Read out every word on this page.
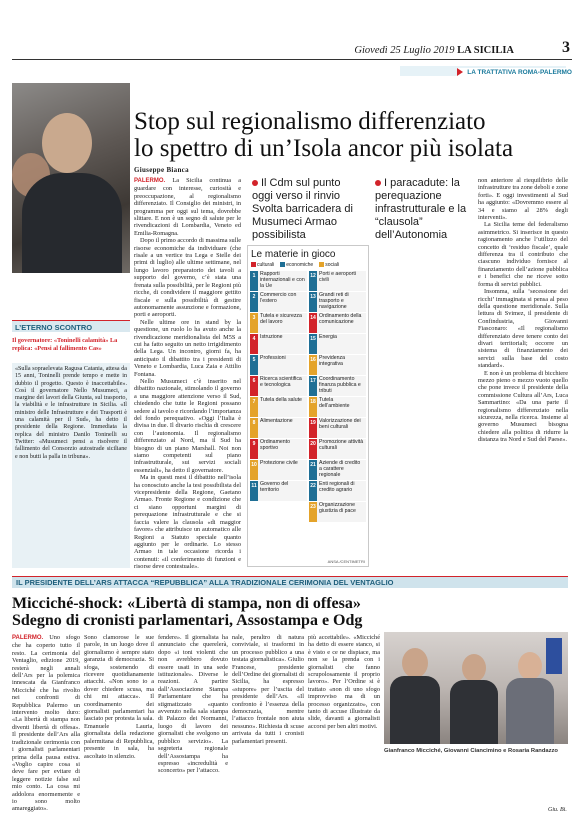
Giovedì 25 Luglio 2019 LA SICILIA	3
LA TRATTATIVA ROMA-PALERMO
Stop sul regionalismo differenziato
lo spettro di un’Isola ancor più isolata
Giuseppe Bianca

PALERMO. La Sicilia continua a guardare con interesse, curiosità e preoccupazione, al regionalismo differenziato. Il Consiglio dei ministri, in programma per oggi sul tema, dovrebbe slittare. E non è un segno di salute per le rivendicazioni di Lombardia, Veneto ed Emilia-Romagna.

Dopo il primo accordo di massima sulle risorse economiche da individuare (che risale a un vertice tra Lega e Stelle dei primi di luglio) alle ultime settimane, nel lungo lavoro preparatorio dei tavoli a supporto del governo, c’è stata una frenata sulla possibilità, per le Regioni più ricche, di condividere il maggiore gettito fiscale e sulla possibilità di gestire autonomamente assunzione e formazione, porti e aeroporti.

Nelle ultime ore in stand by la questione, un ruolo lo ha avuto anche la rivendicazione meridionalista del M5S a cui ha fatto seguito un netto irrigidimento della Lega. Un incontro, giorni fa, ha anticipato il dibattito tra i presidenti di Veneto e Lombardia, Luca Zaia e Attilio Fontana.

Nello Musumeci c’è inserito nel dibattito nazionale, stimolando il governo a una maggiore attenzione verso il Sud, chiedendo che tutte le Regioni possano sedere al tavolo e ricordando l’importanza del fondo perequativo. «Oggi l’Italia è divisa in due. Il divario rischia di crescere con l’autonomia. Il regionalismo differenziato al Nord, ma il Sud ha bisogno di un piano Marshall. Noi non siamo competenti sul piano infrastrutturale, sui servizi sociali essenziali», ha detto il governatore.

Ma in questi mesi il dibattito nell’isola ha conosciuto anche la tesi possibilista del vicepresidente della Regione, Gaetano Armao. Fronte Regione e condizione che ci siano opportuni margini di perequazione infrastrutturale e che si faccia valere la clausola «di maggior favore» che attribuisce un automatico alle Regioni a Statuto speciale quanto aggiunto per le ordinarie. Lo stesso Armao in tale occasione ricorda i contenuti: «il conferimento di funzioni e risorse deve contestuale».

Il Cdm sul punto oggi verso il rinvio Svolta barricadera di Musumeci Armao possibilista
I paracadute: la perequazione infrastrutturale e la “clausola” dell’Autonomia
Le materie in gioco
culturali	economiche	sociali
1 Rapporti internazionali e con la Ue
2 Commercio con l’estero
3 Tutela e sicurezza del lavoro
4 Istruzione
5 Professioni
6 Ricerca scientifica e tecnologica
7 Tutela della salute
8 Alimentazione
9 Ordinamento sportivo
10 Protezione civile
11 Governo del territorio
12 Porti e aeroporti civili
13 Grandi reti di trasporto e navigazione
14 Ordinamento della comunicazione
15 Energia
16 Previdenza integrativa
17 Coordinamento finanza pubblica e tributi
18 Tutela dell’ambiente
19 Valorizzazione dei beni culturali
20 Promozione attività culturali
21 Aziende di credito a carattere regionale
22 Enti regionali di credito agrario
23 Organizzazione giustizia di pace
ANSA /CENTIMETRI

non anteriore al riequilibrio delle infrastrutture tra zone deboli e zone forti». E oggi investimenti al Sud ha aggiunto: «Dovremmo essere al 34 e siamo al 28% degli interventi».

La Sicilia teme del federalismo asimmetrico. Si inserisce in questo ragionamento anche l’utilizzo del concetto di ‘residuo fiscale’, quale differenza tra il contributo che ciascuno individuo fornisce al finanziamento dell’azione pubblica e i benefici che ne riceve sotto forma di servizi pubblici.

Insomma, sulla ‘secessione dei ricchi’ immaginata si pensa al peso della questione meridionale. Sulla lettura di Svimez, il presidente di Confindustria, Giovanni Fiasconaro: «Il regionalismo differenziato deve tenere conto dei divari territoriali; occorre un sistema di finanziamento dei servizi sulla base del costo standard».

E non è un problema di bicchiere mezzo pieno o mezzo vuoto quello che pone invece il presidente della commissione Cultura all’Ars, Luca Sammartino: «Da una parte il regionalismo differenziato nella sicurezza, nella ricerca. Insieme al governo Musumeci bisogna chiedere alla politica di ridurre la distanza tra Nord e Sud del Paese».

L’ETERNO SCONTRO
Il governatore: «Toninelli calamità» La replica: «Pensi al fallimento Cas»
«Sulla sopraelevata Ragusa Catania, attesa da 15 anni, Toninelli prende tempo e mette in dubbio il progetto. Questo è inaccettabile». Così il governatore Nello Musumeci, a margine dei lavori della Giunta, sul trasporto, la viabilità e le infrastrutture in Sicilia. «Il ministro delle Infrastrutture e dei Trasporti è una calamità per il Sud», ha detto il presidente della Regione. Immediata la replica del ministro Danilo Toninelli su Twitter: «Musumeci pensi a risolvere il fallimento del Consorzio autostrade siciliane e non butti la palla in tribuna».
IL PRESIDENTE DELL’ARS ATTACCA “REPUBBLICA” ALLA TRADIZIONALE CERIMONIA DEL VENTAGLIO
Micciché-shock: «Libertà di stampa, non di offesa»
Sdegno di cronisti parlamentari, Assostampa e Odg
PALERMO. Uno sfogo che ha coperto tutto il resto. La cerimonia del Ventaglio, edizione 2019, resterà negli annali dell’Ars per la polemica innescata da Gianfranco Micciché che ha rivolto nei confronti di Repubblica Palermo un intervento molto duro: «La libertà di stampa non diventi libertà di offesa». Il presidente dell’Ars alla tradizionale cerimonia con i giornalisti parlamentari prima della pausa estiva. «Voglio capire cosa si deve fare per evitare di leggere notizie false sul mio conto. La cosa mi addolora enormemente e io sono molto amareggiato».
Sono clamorose le sue parole, in un luogo dove il giornalismo è sempre stato garanzia di democrazia. Si sfoga, sostenendo di ricevere quotidianamente attacchi. «Non sono io a dover chiedere scusa, ma chi mi attacca». Il coordinamento dei giornalisti parlamentari ha lasciato per protesta la sala. Emanuele Lauria, giornalista della redazione palermitana di Repubblica, presente in sala, ha ascoltato in silenzio.
fendere». Il giornalista ha annunciato che querelerà, dopo «i toni violenti che non avrebbero dovuto essere usati in una sede istituzionale». Diverse le reazioni. A partire dall’Associazione Stampa Parlamentare che ha stigmatizzato «quanto avvenuto nella sala stampa di Palazzo dei Normanni, luogo di lavoro dei giornalisti che svolgono un pubblico servizio». La segreteria regionale dell’Assostampa ha espresso «incredulità e sconcerto» per l’attacco.
nale, peraltro di natura conviviale, si trasformi in un processo pubblico a una testata giornalistica». Giulio Francese, presidente dell’Ordine dei giornalisti di Sicilia, ha espresso «stupore» per l’uscita del presidente dell’Ars. «Il confronto è l’essenza della democrazia, mentre l’attacco frontale non aiuta nessuno». Richiesta di scuse arrivata da tutti i cronisti parlamentari presenti.
più accettabile». «Micciché ha detto di essere stanco, si è visto e ce ne dispiace, ma non se la prenda con i giornalisti che fanno scrupolosamente il proprio lavoro». Per l’Ordine si è trattato «non di uno sfogo improvviso ma di un processo organizzato», con tanto di accuse illustrate da slide, davanti a giornalisti accorsi per ben altri motivi.
Gianfranco Micciché, Giovanni Ciancimino e Rosaria Randazzo
Giu. Bi.
